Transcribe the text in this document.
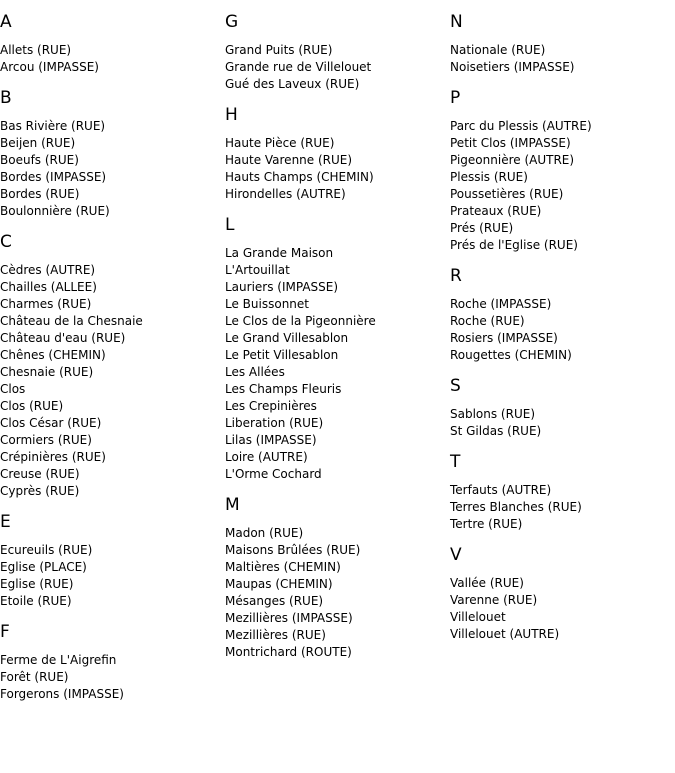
A
Allets (RUE)
Arcou (IMPASSE)
B
Bas Rivière (RUE)
Beijen (RUE)
Boeufs (RUE)
Bordes (IMPASSE)
Bordes (RUE)
Boulonnière (RUE)
C
Cèdres (AUTRE)
Chailles (ALLEE)
Charmes (RUE)
Château de la Chesnaie
Château d'eau (RUE)
Chênes (CHEMIN)
Chesnaie (RUE)
Clos
Clos (RUE)
Clos César (RUE)
Cormiers (RUE)
Crépinières (RUE)
Creuse (RUE)
Cyprès (RUE)
E
Ecureuils (RUE)
Eglise (PLACE)
Eglise (RUE)
Etoile (RUE)
F
Ferme de L'Aigrefin
Forêt (RUE)
Forgerons (IMPASSE)
G
Grand Puits (RUE)
Grande rue de Villelouet
Gué des Laveux (RUE)
H
Haute Pièce (RUE)
Haute Varenne (RUE)
Hauts Champs (CHEMIN)
Hirondelles (AUTRE)
L
La Grande Maison
L'Artouillat
Lauriers (IMPASSE)
Le Buissonnet
Le Clos de la Pigeonnière
Le Grand Villesablon
Le Petit Villesablon
Les Allées
Les Champs Fleuris
Les Crepinières
Liberation (RUE)
Lilas (IMPASSE)
Loire (AUTRE)
L'Orme Cochard
M
Madon (RUE)
Maisons Brûlées (RUE)
Maltières (CHEMIN)
Maupas (CHEMIN)
Mésanges (RUE)
Mezillières (IMPASSE)
Mezillières (RUE)
Montrichard (ROUTE)
N
Nationale (RUE)
Noisetiers (IMPASSE)
P
Parc du Plessis (AUTRE)
Petit Clos (IMPASSE)
Pigeonnière (AUTRE)
Plessis (RUE)
Poussetières (RUE)
Prateaux (RUE)
Prés (RUE)
Prés de l'Eglise (RUE)
R
Roche (IMPASSE)
Roche (RUE)
Rosiers (IMPASSE)
Rougettes (CHEMIN)
S
Sablons (RUE)
St Gildas (RUE)
T
Terfauts (AUTRE)
Terres Blanches (RUE)
Tertre (RUE)
V
Vallée (RUE)
Varenne (RUE)
Villelouet
Villelouet (AUTRE)
